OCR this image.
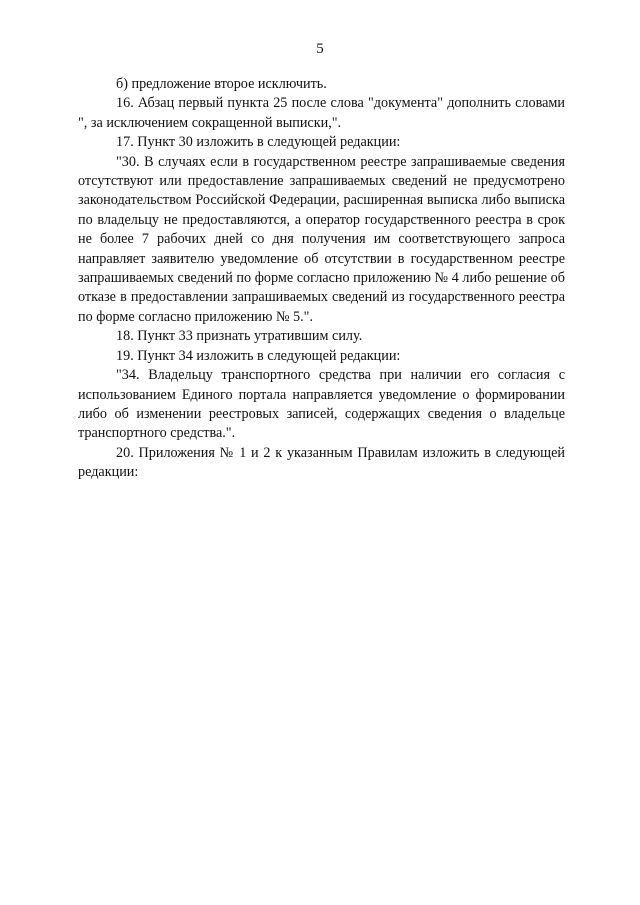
5

б) предложение второе исключить.

16. Абзац первый пункта 25 после слова "документа" дополнить словами ", за исключением сокращенной выписки,".

17. Пункт 30 изложить в следующей редакции:

"30. В случаях если в государственном реестре запрашиваемые сведения отсутствуют или предоставление запрашиваемых сведений не предусмотрено законодательством Российской Федерации, расширенная выписка либо выписка по владельцу не предоставляются, а оператор государственного реестра в срок не более 7 рабочих дней со дня получения им соответствующего запроса направляет заявителю уведомление об отсутствии в государственном реестре запрашиваемых сведений по форме согласно приложению № 4 либо решение об отказе в предоставлении запрашиваемых сведений из государственного реестра по форме согласно приложению № 5.".

18. Пункт 33 признать утратившим силу.

19. Пункт 34 изложить в следующей редакции:

"34. Владельцу транспортного средства при наличии его согласия с использованием Единого портала направляется уведомление о формировании либо об изменении реестровых записей, содержащих сведения о владельце транспортного средства.".

20. Приложения № 1 и 2 к указанным Правилам изложить в следующей редакции:
